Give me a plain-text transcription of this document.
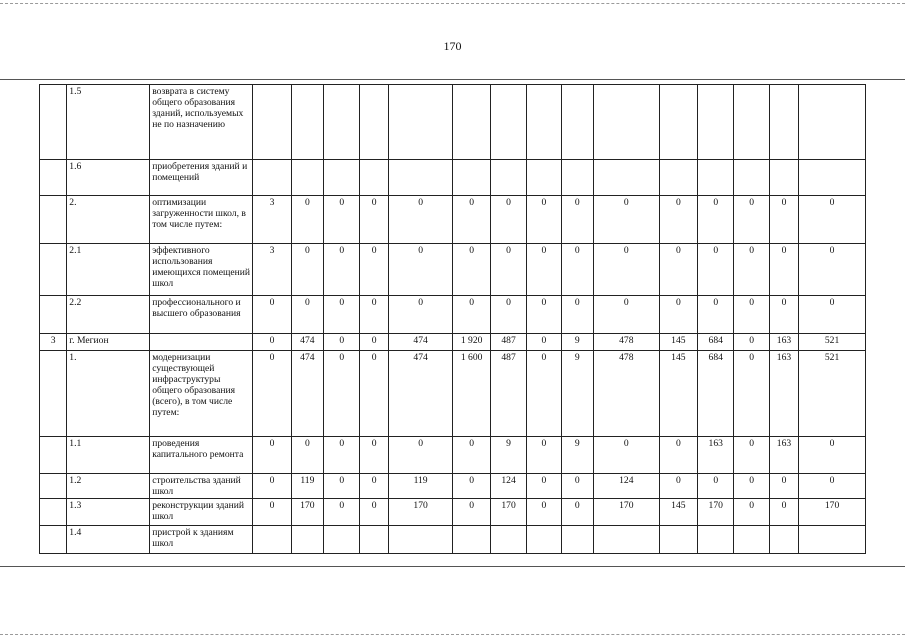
170
	1.5	возврата в систему общего образования зданий, используемых не по назначению															
	1.6	приобретения зданий и помещений															
	2.	оптимизации загруженности школ, в том числе путем:	3	0	0	0	0	0	0	0	0	0	0	0	0	0	0
	2.1	эффективного использования имеющихся помещений школ	3	0	0	0	0	0	0	0	0	0	0	0	0	0	0
	2.2	профессионального и высшего образования	0	0	0	0	0	0	0	0	0	0	0	0	0	0	0
3	г. Мегион		0	474	0	0	474	1 920	487	0	9	478	145	684	0	163	521
	1.	модернизации существующей инфраструктуры общего образования (всего), в том числе путем:	0	474	0	0	474	1 600	487	0	9	478	145	684	0	163	521
	1.1	проведения капитального ремонта	0	0	0	0	0	0	9	0	9	0	0	163	0	163	0
	1.2	строительства зданий школ	0	119	0	0	119	0	124	0	0	124	0	0	0	0	0
	1.3	реконструкции зданий школ	0	170	0	0	170	0	170	0	0	170	145	170	0	0	170
	1.4	пристрой к зданиям школ															
